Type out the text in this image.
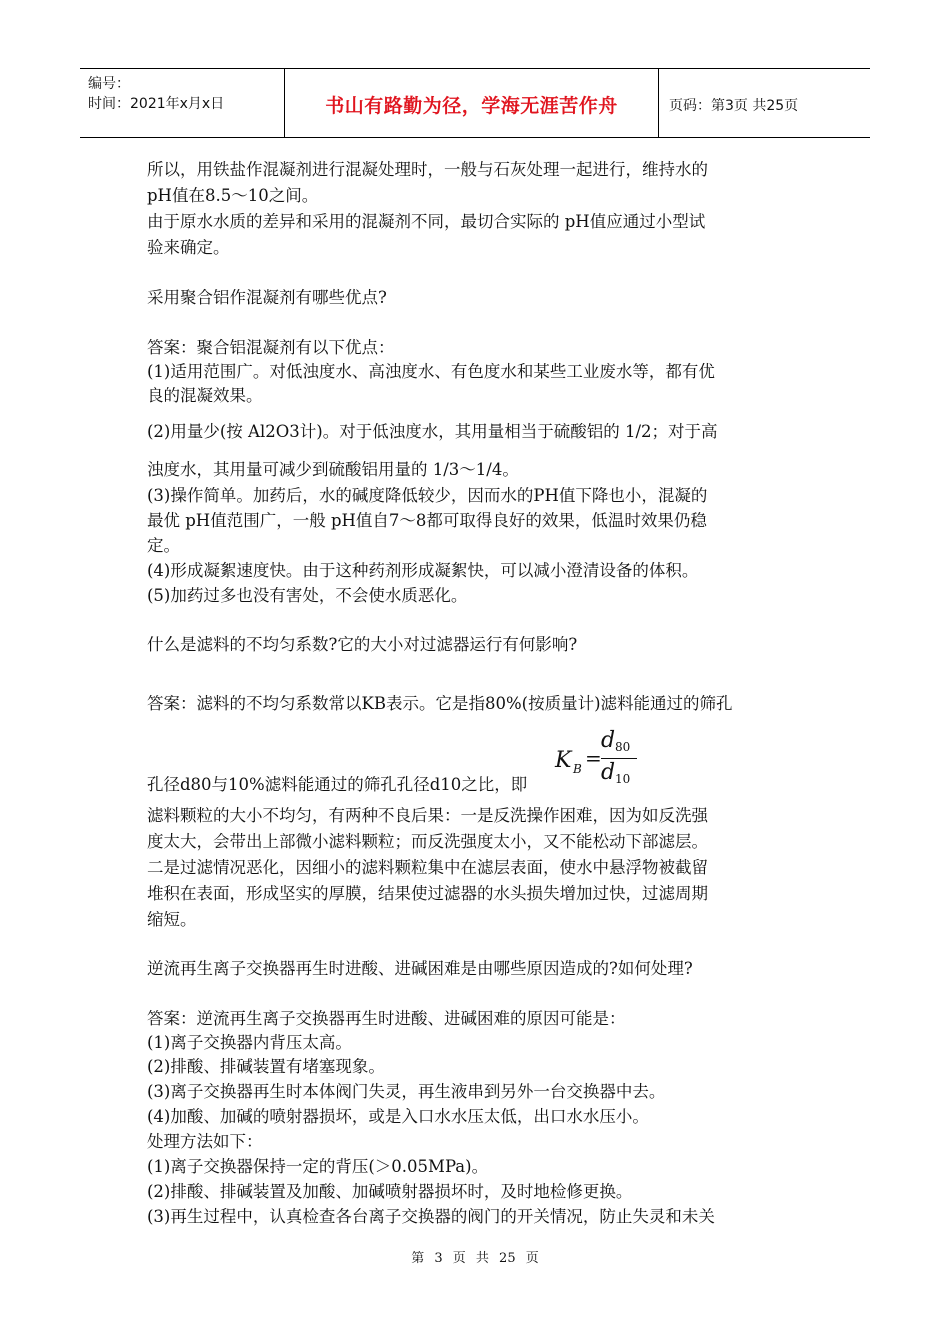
编号：
时间：2021年x月x日	书山有路勤为径，学海无涯苦作舟	页码：第3页 共25页
所以，用铁盐作混凝剂进行混凝处理时，一般与石灰处理一起进行，维持水的
pH值在8.5～10之间。
由于原水水质的差异和采用的混凝剂不同，最切合实际的 pH值应通过小型试
验来确定。
采用聚合铝作混凝剂有哪些优点?
答案：聚合铝混凝剂有以下优点：
(1)适用范围广。对低浊度水、高浊度水、有色度水和某些工业废水等，都有优
良的混凝效果。
(2)用量少(按 Al2O3计)。对于低浊度水，其用量相当于硫酸铝的 1/2；对于高
浊度水，其用量可减少到硫酸铝用量的 1/3～1/4。
(3)操作简单。加药后，水的碱度降低较少，因而水的PH值下降也小，混凝的
最优 pH值范围广，一般 pH值自7～8都可取得良好的效果，低温时效果仍稳
定。
(4)形成凝絮速度快。由于这种药剂形成凝絮快，可以减小澄清设备的体积。
(5)加药过多也没有害处，不会使水质恶化。
什么是滤料的不均匀系数?它的大小对过滤器运行有何影响?
答案：滤料的不均匀系数常以KB表示。它是指80%(按质量计)滤料能通过的筛孔
孔径d80与10%滤料能通过的筛孔孔径d10之比，即
K B =
d 80
d 10
滤料颗粒的大小不均匀，有两种不良后果：一是反洗操作困难，因为如反洗强
度太大，会带出上部微小滤料颗粒；而反洗强度太小，又不能松动下部滤层。
二是过滤情况恶化，因细小的滤料颗粒集中在滤层表面，使水中悬浮物被截留
堆积在表面，形成坚实的厚膜，结果使过滤器的水头损失增加过快，过滤周期
缩短。
逆流再生离子交换器再生时进酸、进碱困难是由哪些原因造成的?如何处理?
答案：逆流再生离子交换器再生时进酸、进碱困难的原因可能是：
(1)离子交换器内背压太高。
(2)排酸、排碱装置有堵塞现象。
(3)离子交换器再生时本体阀门失灵，再生液串到另外一台交换器中去。
(4)加酸、加碱的喷射器损坏，或是入口水水压太低，出口水水压小。
处理方法如下：
(1)离子交换器保持一定的背压(＞0.05MPa)。
(2)排酸、排碱装置及加酸、加碱喷射器损坏时，及时地检修更换。
(3)再生过程中，认真检查各台离子交换器的阀门的开关情况，防止失灵和未关
第 3 页 共 25 页
